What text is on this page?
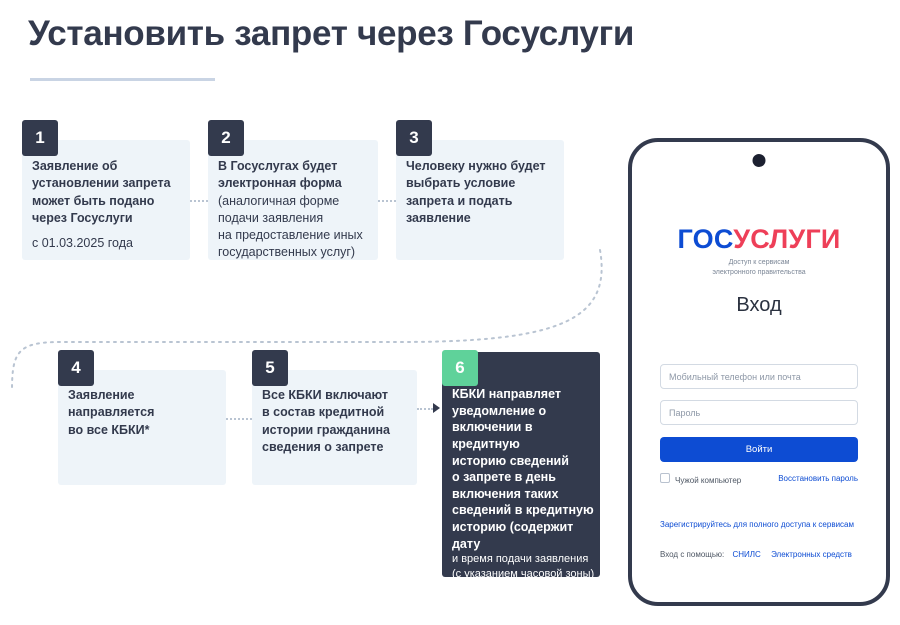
Установить запрет через Госуслуги
1
Заявление об
установлении запрета
может быть подано
через Госуслуги
с 01.03.2025 года
2
В Госуслугах будет
электронная форма
(аналогичная форме
подачи заявления
на предоставление иных
государственных услуг)
3
Человеку нужно будет
выбрать условие
запрета и подать
заявление
4
Заявление направляется
во все КБКИ*
5
Все КБКИ включают
в состав кредитной
истории гражданина
сведения о запрете
6
КБКИ направляет
уведомление о
включении в кредитную
историю сведений
о запрете в день
включения таких
сведений в кредитную
историю (содержит дату
и время подачи заявления
(с указанием часовой зоны)
и дату начала действия
запрета (по московскому
времени)
ГОСУСЛУГИ
Доступ к сервисам
электронного правительства
Вход
Мобильный телефон или почта
Пароль
Войти
Чужой компьютер	Восстановить пароль
Зарегистрируйтесь для полного доступа к сервисам
Вход с помощью: СНИЛС Электронных средств
